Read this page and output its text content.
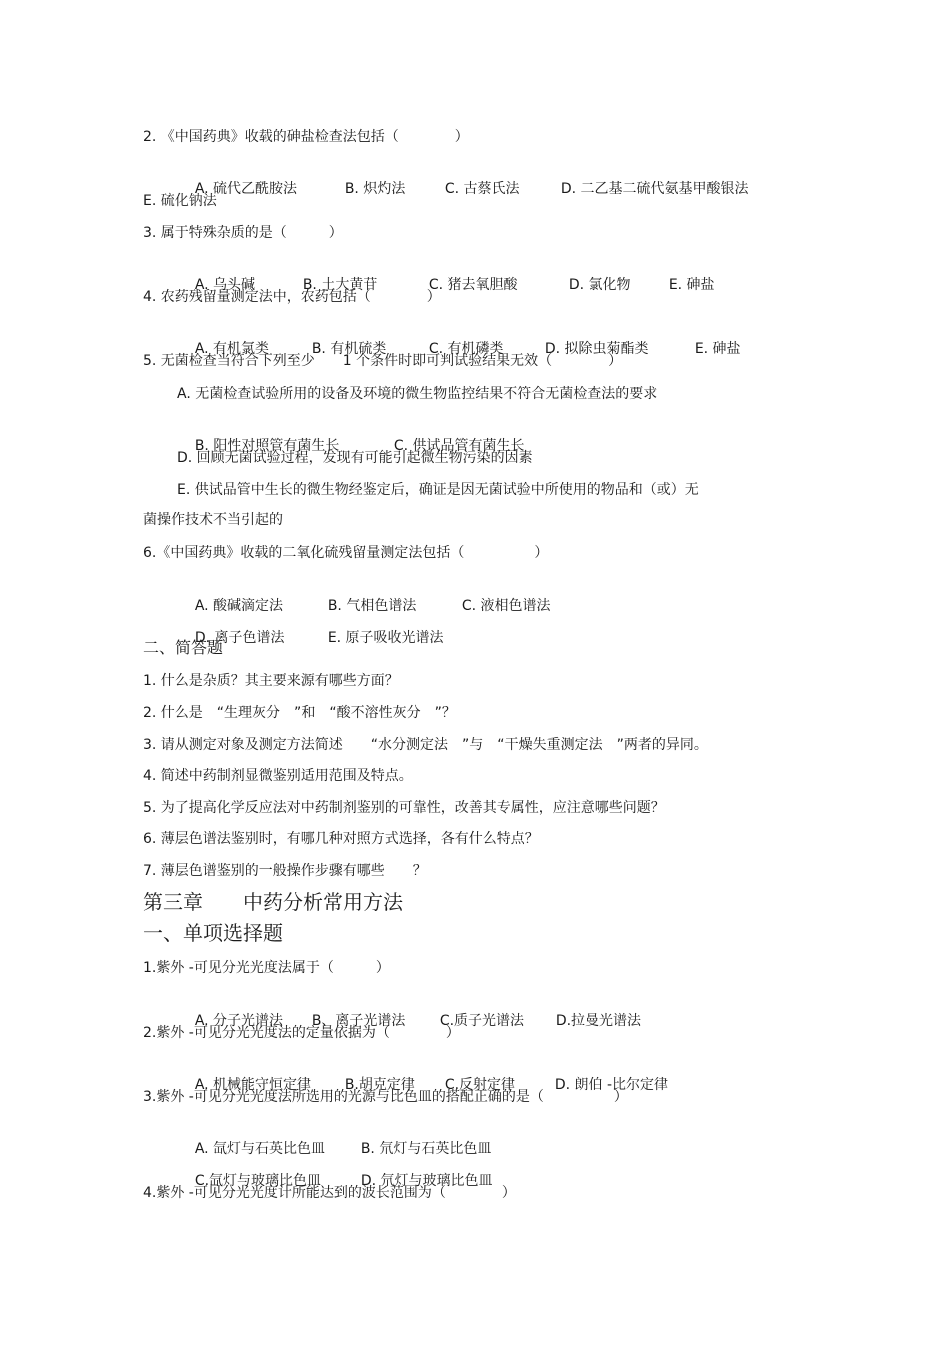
2. 《中国药典》收载的砷盐检查法包括（　　　　）

A. 硫代乙酰胺法	B. 炽灼法	C. 古蔡氏法	D. 二乙基二硫代氨基甲酸银法

E. 硫化钠法
3. 属于特殊杂质的是（　　　）

A. 乌头碱	B. 土大黄苷	C. 猪去氧胆酸	D. 氯化物	E. 砷盐

4. 农药残留量测定法中，农药包括（　　　　）

A. 有机氯类	B. 有机硫类	C. 有机磷类	D. 拟除虫菊酯类	E. 砷盐

5. 无菌检查当符合下列至少　　1 个条件时即可判试验结果无效（　　　　）
A. 无菌检查试验所用的设备及环境的微生物监控结果不符合无菌检查法的要求

B. 阳性对照管有菌生长	C. 供试品管有菌生长

D. 回顾无菌试验过程，发现有可能引起微生物污染的因素
E. 供试品管中生长的微生物经鉴定后，确证是因无菌试验中所使用的物品和（或）无
菌操作技术不当引起的
6.《中国药典》收载的二氧化硫残留量测定法包括（　　　　　）

A. 酸碱滴定法	B. 气相色谱法	C. 液相色谱法

D. 离子色谱法	E. 原子吸收光谱法

二、简答题
1. 什么是杂质？其主要来源有哪些方面？
2. 什么是　“生理灰分　”和　“酸不溶性灰分　”？
3. 请从测定对象及测定方法简述　　“水分测定法　”与　“干燥失重测定法　”两者的异同。
4. 简述中药制剂显微鉴别适用范围及特点。
5. 为了提高化学反应法对中药制剂鉴别的可靠性，改善其专属性，应注意哪些问题？
6. 薄层色谱法鉴别时，有哪几种对照方式选择，各有什么特点？
7. 薄层色谱鉴别的一般操作步骤有哪些　　？
第三章　　中药分析常用方法
一、单项选择题
1.紫外 -可见分光光度法属于（　　　）

A. 分子光谱法 B、离子光谱法 C.质子光谱法 D.拉曼光谱法

2.紫外 -可见分光光度法的定量依据为（　　　　）

A. 机械能守恒定律 B.胡克定律 C.反射定律	D. 朗伯 -比尔定律

3.紫外 -可见分光光度法所选用的光源与比色皿的搭配正确的是（　　　　　）

A. 氙灯与石英比色皿	B. 氘灯与石英比色皿

C.氙灯与玻璃比色皿	D. 氘灯与玻璃比色皿

4.紫外 -可见分光光度计所能达到的波长范围为（　　　　）
